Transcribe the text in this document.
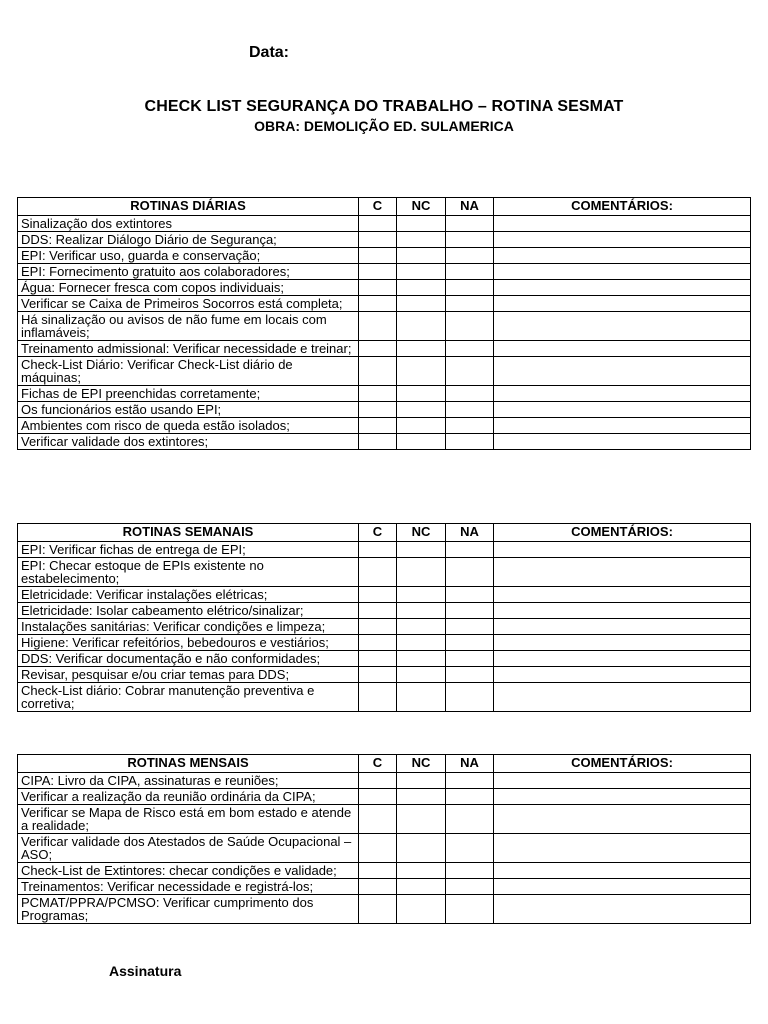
Data:
CHECK LIST SEGURANÇA DO TRABALHO – ROTINA SESMAT
OBRA: DEMOLIÇÃO ED. SULAMERICA
ROTINAS DIÁRIAS	C	NC	NA	COMENTÁRIOS:
Sinalização dos extintores				
DDS: Realizar Diálogo Diário de Segurança;				
EPI: Verificar uso, guarda e conservação;				
EPI: Fornecimento gratuito aos colaboradores;				
Água: Fornecer fresca com copos individuais;				
Verificar se Caixa de Primeiros Socorros está completa;				
Há sinalização ou avisos de não fume em locais com inflamáveis;				
Treinamento admissional: Verificar necessidade e treinar;				
Check-List Diário: Verificar Check-List diário de máquinas;				
Fichas de EPI preenchidas corretamente;				
Os funcionários estão usando EPI;				
Ambientes com risco de queda estão isolados;				
Verificar validade dos extintores;				
ROTINAS SEMANAIS	C	NC	NA	COMENTÁRIOS:
EPI: Verificar fichas de entrega de EPI;				
EPI: Checar estoque de EPIs existente no estabelecimento;				
Eletricidade: Verificar instalações elétricas;				
Eletricidade: Isolar cabeamento elétrico/sinalizar;				
Instalações sanitárias: Verificar condições e limpeza;				
Higiene: Verificar refeitórios, bebedouros e vestiários;				
DDS: Verificar documentação e não conformidades;				
Revisar, pesquisar e/ou criar temas para DDS;				
Check-List diário: Cobrar manutenção preventiva e corretiva;				
ROTINAS MENSAIS	C	NC	NA	COMENTÁRIOS:
CIPA: Livro da CIPA, assinaturas e reuniões;				
Verificar a realização da reunião ordinária da CIPA;				
Verificar se Mapa de Risco está em bom estado e atende a realidade;				
Verificar validade dos Atestados de Saúde Ocupacional – ASO;				
Check-List de Extintores: checar condições e validade;				
Treinamentos: Verificar necessidade e registrá-los;				
PCMAT/PPRA/PCMSO: Verificar cumprimento dos Programas;				
Assinatura
